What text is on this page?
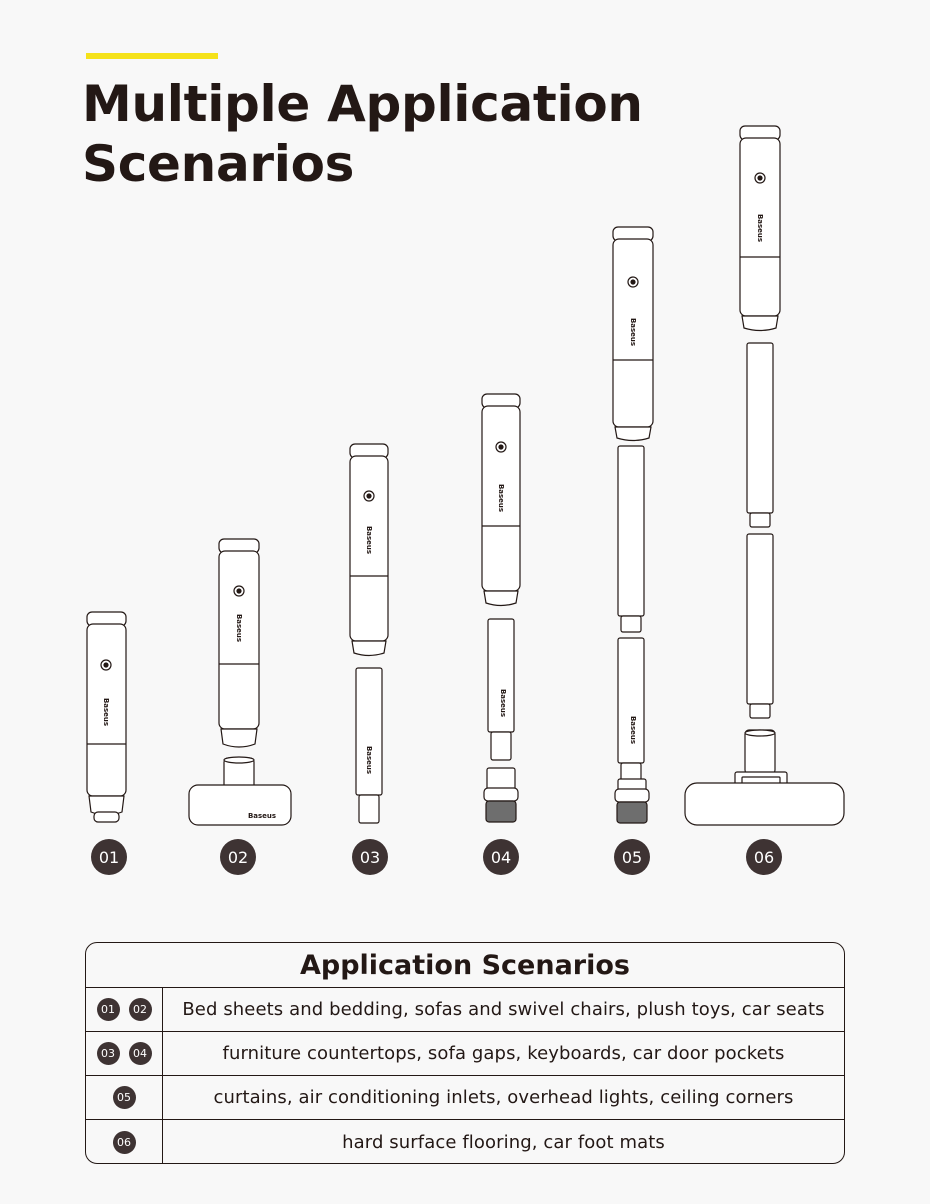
Multiple Application
Scenarios
Baseus
Baseus
Baseus
Baseus
Baseus
Baseus
Baseus
Baseus
Baseus
Baseus
01	02	03	04	05	06
Application Scenarios
01	02	Bed sheets and bedding, sofas and swivel chairs, plush toys, car seats
03	04	furniture countertops, sofa gaps, keyboards, car door pockets
05	curtains, air conditioning inlets, overhead lights, ceiling corners
06	hard surface flooring, car foot mats
